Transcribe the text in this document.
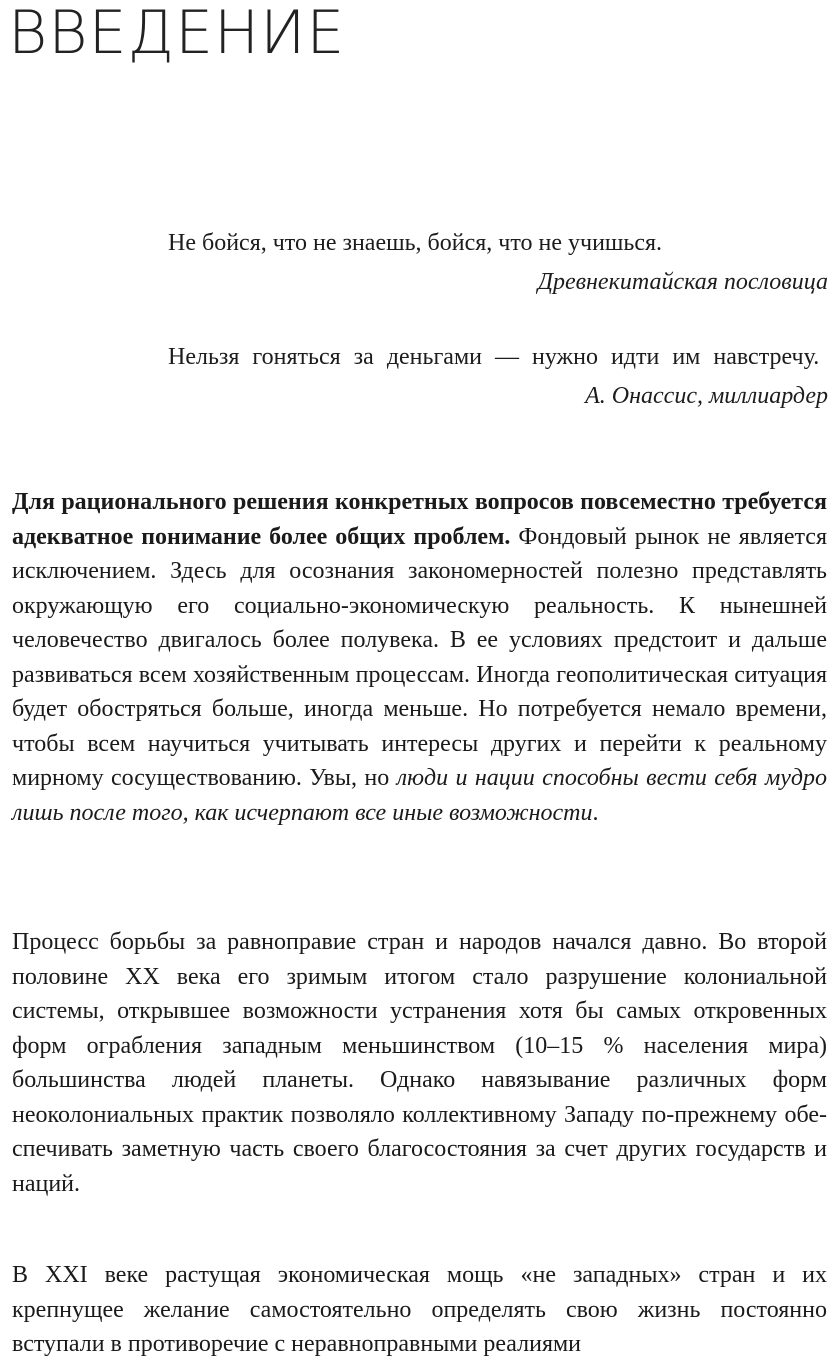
ВВЕДЕНИЕ

Не бойся, что не знаешь, бойся, что не учишься.

Древнекитайская пословица

Нельзя гоняться за деньгами — нужно идти им навстречу.

А. Онассис, миллиардер

Для рационального решения конкретных вопросов повсеместно требуется адекватное понимание более общих проблем. Фондовый рынок не является исключением. Здесь для осознания закономерностей полезно представлять окружающую его социально-экономическую реальность. К нынешней человечество двигалось более полувека. В ее условиях предстоит и дальше развиваться всем хозяйственным процессам. Иногда геополитическая ситуация будет обостряться больше, иногда меньше. Но потребуется немало времени, чтобы всем научиться учитывать интересы других и перейти к реальному мирному сосуществованию. Увы, но люди и нации способны вести себя мудро лишь после того, как исчерпают все иные возможности.

Процесс борьбы за равноправие стран и народов начался давно. Во второй половине XX века его зримым итогом стало разрушение колониальной системы, открывшее возможности устранения хотя бы самых откровенных форм ограбления западным меньшинством (10–15 % населения мира) большинства людей планеты. Однако навязывание различных форм неоколониальных практик позволяло коллективному Западу по-прежнему обеспечивать заметную часть своего благосостояния за счет других государств и наций.

В XXI веке растущая экономическая мощь «не западных» стран и их крепнущее желание самостоятельно определять свою жизнь постоянно вступали в противоречие с неравноправными реалиями
